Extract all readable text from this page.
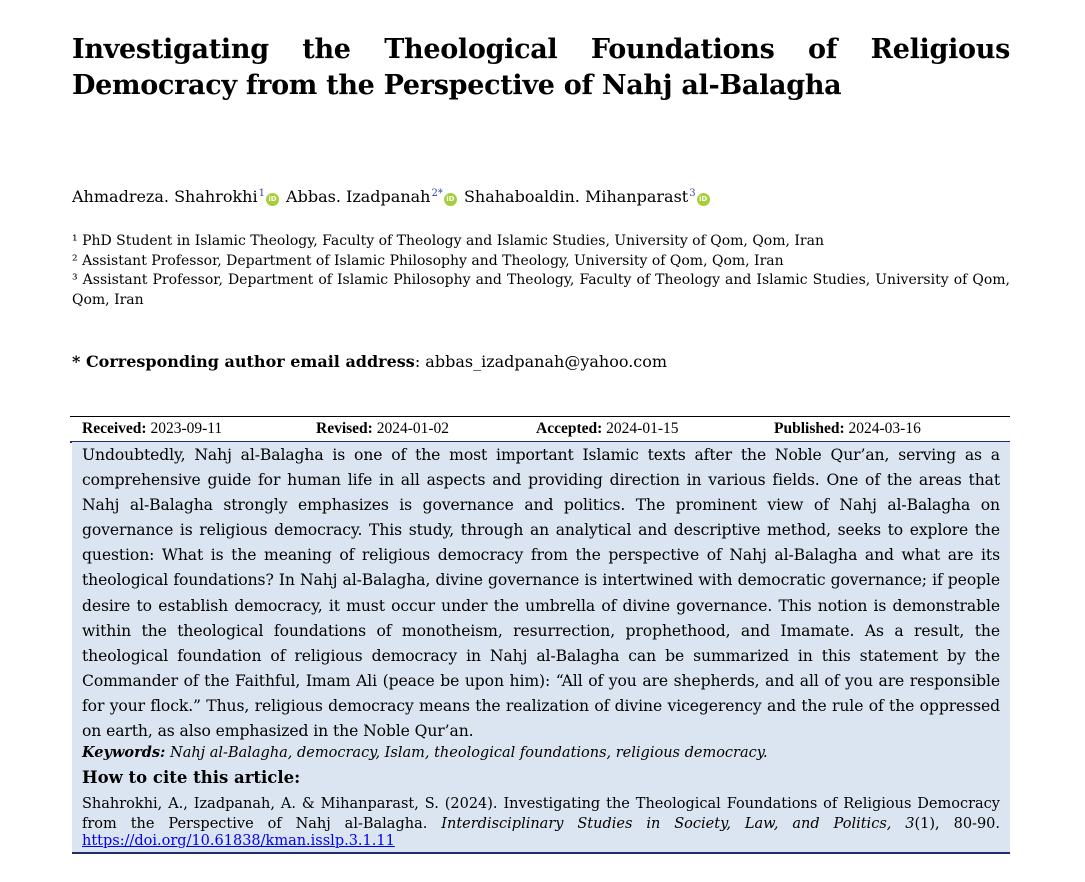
Investigating the Theological Foundations of Religious Democracy from the Perspective of Nahj al-Balagha
Ahmadreza. Shahrokhi$^1$ iD Abbas. Izadpanah$^{2*}$ iD Shahaboaldin. Mihanparast$^3$ iD
¹ PhD Student in Islamic Theology, Faculty of Theology and Islamic Studies, University of Qom, Qom, Iran
² Assistant Professor, Department of Islamic Philosophy and Theology, University of Qom, Qom, Iran
³ Assistant Professor, Department of Islamic Philosophy and Theology, Faculty of Theology and Islamic Studies, University of Qom, Qom, Iran
* Corresponding author email address: abbas_izadpanah@yahoo.com
Received: 2023-09-11	Revised: 2024-01-02	Accepted: 2024-01-15	Published: 2024-03-16

Undoubtedly, Nahj al-Balagha is one of the most important Islamic texts after the Noble Qur’an, serving as a comprehensive guide for human life in all aspects and providing direction in various fields. One of the areas that Nahj al-Balagha strongly emphasizes is governance and politics. The prominent view of Nahj al-Balagha on governance is religious democracy. This study, through an analytical and descriptive method, seeks to explore the question: What is the meaning of religious democracy from the perspective of Nahj al-Balagha and what are its theological foundations? In Nahj al-Balagha, divine governance is intertwined with democratic governance; if people desire to establish democracy, it must occur under the umbrella of divine governance. This notion is demonstrable within the theological foundations of monotheism, resurrection, prophethood, and Imamate. As a result, the theological foundation of religious democracy in Nahj al-Balagha can be summarized in this statement by the Commander of the Faithful, Imam Ali (peace be upon him): “All of you are shepherds, and all of you are responsible for your flock.” Thus, religious democracy means the realization of divine vicegerency and the rule of the oppressed on earth, as also emphasized in the Noble Qur’an.

Keywords: Nahj al-Balagha, democracy, Islam, theological foundations, religious democracy.
How to cite this article:
Shahrokhi, A., Izadpanah, A. & Mihanparast, S. (2024). Investigating the Theological Foundations of Religious Democracy from the Perspective of Nahj al-Balagha. Interdisciplinary Studies in Society, Law, and Politics, 3(1), 80-90.
https://doi.org/10.61838/kman.isslp.3.1.11
